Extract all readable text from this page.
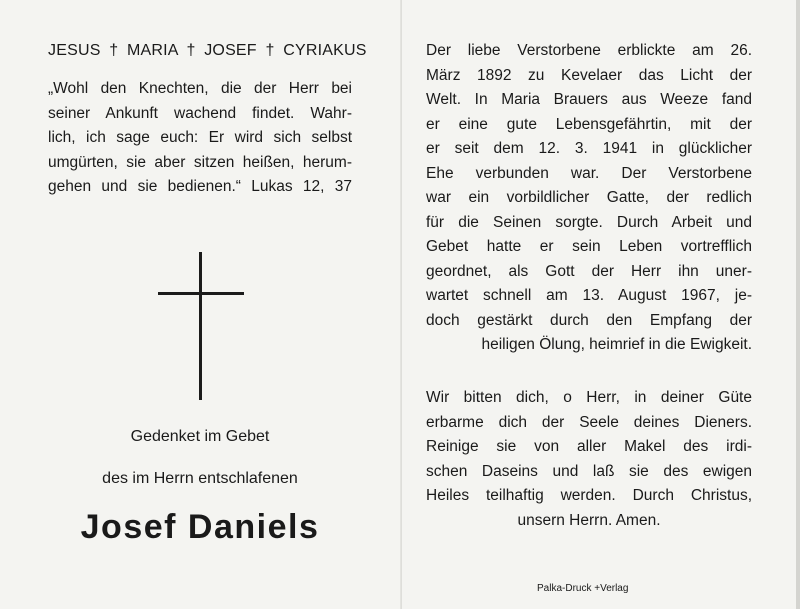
JESUS † MARIA † JOSEF † CYRIAKUS
„Wohl den Knechten, die der Herr bei
seiner Ankunft wachend findet. Wahr-
lich, ich sage euch: Er wird sich selbst
umgürten, sie aber sitzen heißen, herum-
gehen und sie bedienen.“ Lukas 12, 37
Gedenket im Gebet
des im Herrn entschlafenen
Josef Daniels
Der liebe Verstorbene erblickte am 26.
März 1892 zu Kevelaer das Licht der
Welt. In Maria Brauers aus Weeze fand
er eine gute Lebensgefährtin, mit der
er seit dem 12. 3. 1941 in glücklicher
Ehe verbunden war. Der Verstorbene
war ein vorbildlicher Gatte, der redlich
für die Seinen sorgte. Durch Arbeit und
Gebet hatte er sein Leben vortrefflich
geordnet, als Gott der Herr ihn uner-
wartet schnell am 13. August 1967, je-
doch gestärkt durch den Empfang der
heiligen Ölung, heimrief in die Ewigkeit.
Wir bitten dich, o Herr, in deiner Güte
erbarme dich der Seele deines Dieners.
Reinige sie von aller Makel des irdi-
schen Daseins und laß sie des ewigen
Heiles teilhaftig werden. Durch Christus,
unsern Herrn. Amen.
Palka-Druck +Verlag
